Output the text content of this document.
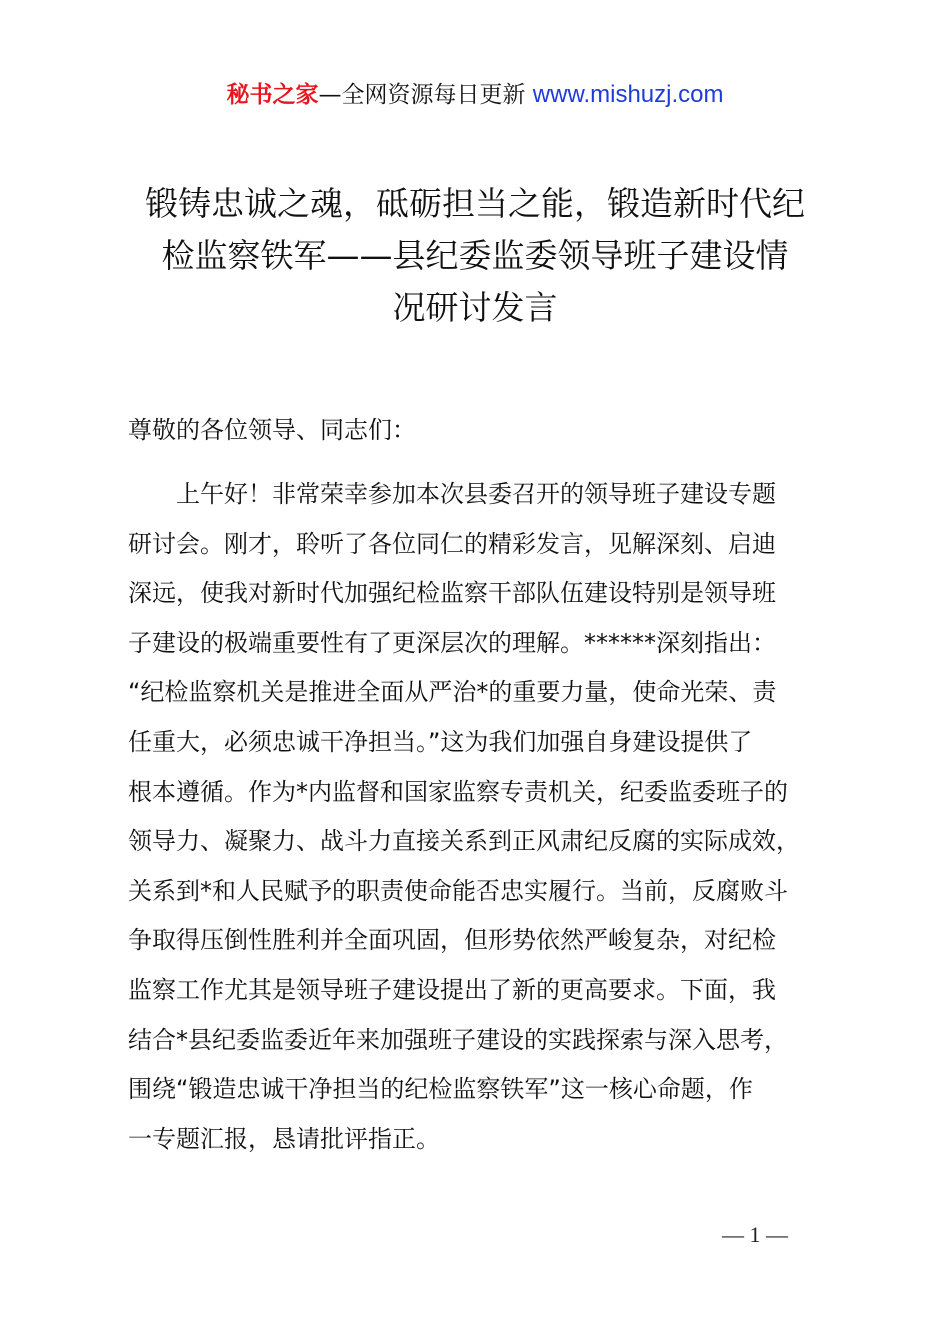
秘书之家—全网资源每日更新 www.mishuzj.com
锻铸忠诚之魂，砥砺担当之能，锻造新时代纪
检监察铁军——县纪委监委领导班子建设情
况研讨发言
尊敬的各位领导、同志们：
　　上午好！非常荣幸参加本次县委召开的领导班子建设专题
研讨会。刚才，聆听了各位同仁的精彩发言，见解深刻、启迪
深远，使我对新时代加强纪检监察干部队伍建设特别是领导班
子建设的极端重要性有了更深层次的理解。******深刻指出：
“纪检监察机关是推进全面从严治*的重要力量，使命光荣、责
任重大，必须忠诚干净担当。”这为我们加强自身建设提供了
根本遵循。作为*内监督和国家监察专责机关，纪委监委班子的
领导力、凝聚力、战斗力直接关系到正风肃纪反腐的实际成效，
关系到*和人民赋予的职责使命能否忠实履行。当前，反腐败斗
争取得压倒性胜利并全面巩固，但形势依然严峻复杂，对纪检
监察工作尤其是领导班子建设提出了新的更高要求。下面，我
结合*县纪委监委近年来加强班子建设的实践探索与深入思考，
围绕“锻造忠诚干净担当的纪检监察铁军”这一核心命题，作
一专题汇报，恳请批评指正。
— 1 —
